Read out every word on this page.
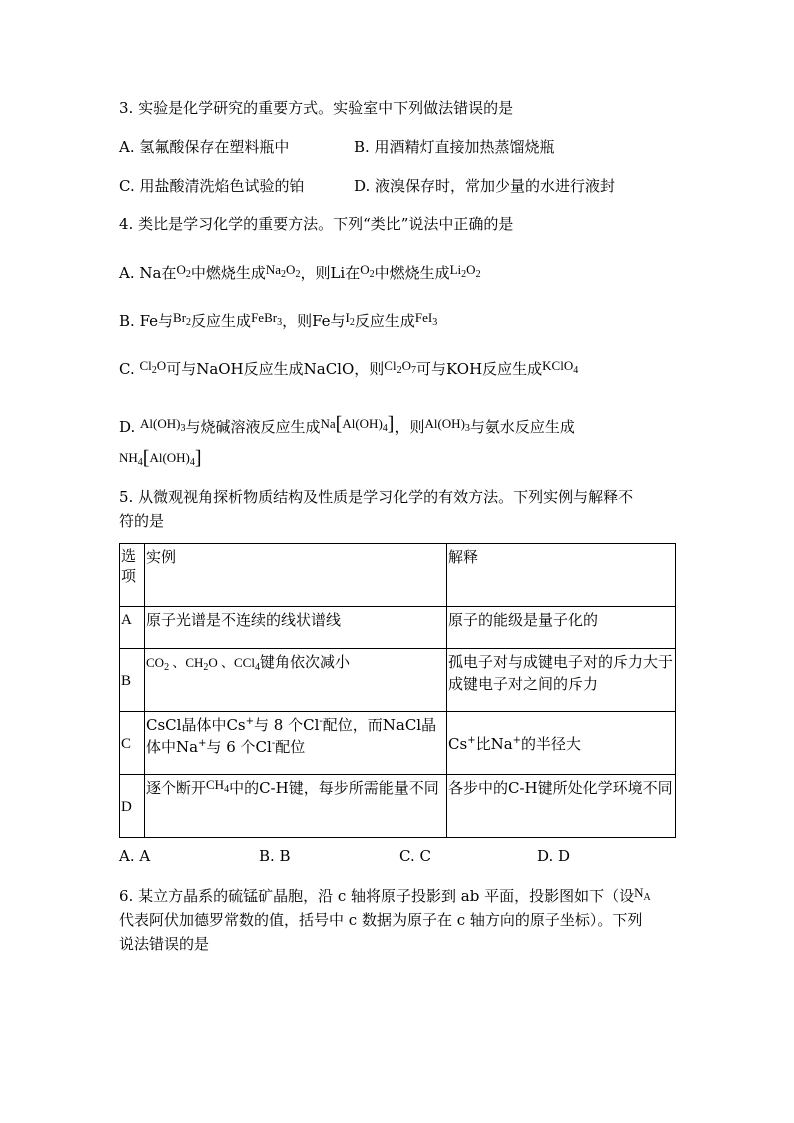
3. 实验是化学研究的重要方式。实验室中下列做法错误的是
A. 氢氟酸保存在塑料瓶中	B. 用酒精灯直接加热蒸馏烧瓶
C. 用盐酸清洗焰色试验的铂	D. 液溴保存时，常加少量的水进行液封
4. 类比是学习化学的重要方法。下列“类比”说法中正确的是
A. Na在$O_2$中燃烧生成$Na_2O_2$，则Li在$O_2$中燃烧生成$Li_2O_2$
B. Fe与$Br_2$反应生成FeBr$_3$，则Fe与$I_2$反应生成FeI$_3$
C. $Cl_2O$可与NaOH反应生成NaClO，则$Cl_2O_7$可与KOH反应生成KClO$_4$
D. $Al(OH)_3$与烧碱溶液反应生成$Na[Al(OH)_4]$，则$Al(OH)_3$与氨水反应生成
$NH_4[Al(OH)_4]$
5. 从微观视角探析物质结构及性质是学习化学的有效方法。下列实例与解释不
符的是
选项	实例	解释
A	原子光谱是不连续的线状谱线	原子的能级是量子化的
B	$CO_2$ 、$CH_2O$ 、CCl$_4$键角依次减小	孤电子对与成键电子对的斥力大于成键电子对之间的斥力
C	CsCl晶体中Cs+与 8 个Cl-配位，而NaCl晶体中Na+与 6 个Cl-配位	Cs+比Na+的半径大
D	逐个断开$CH_4$中的C-H键，每步所需能量不同	各步中的C-H键所处化学环境不同
A. A	B. B	C. C	D. D
6. 某立方晶系的硫锰矿晶胞，沿 c 轴将原子投影到 ab 平面，投影图如下（设$N_A$
代表阿伏加德罗常数的值，括号中 c 数据为原子在 c 轴方向的原子坐标）。下列
说法错误的是
